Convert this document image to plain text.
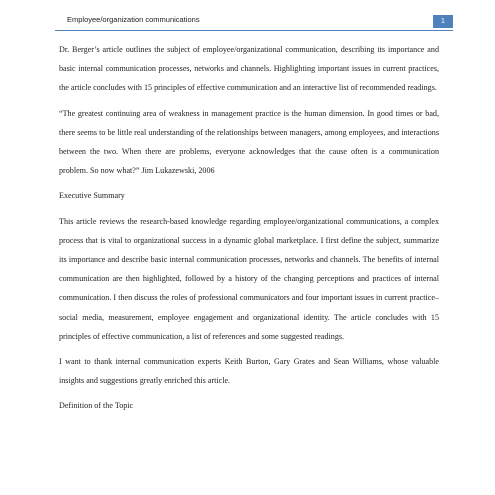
Employee/organization communications	1

Dr. Berger’s article outlines the subject of employee/organizational communication, describing its importance and basic internal communication processes, networks and channels. Highlighting important issues in current practices, the article concludes with 15 principles of effective communication and an interactive list of recommended readings.

“The greatest continuing area of weakness in management practice is the human dimension. In good times or bad, there seems to be little real understanding of the relationships between managers, among employees, and interactions between the two. When there are problems, everyone acknowledges that the cause often is a communication problem. So now what?” Jim Lukazewski, 2006

Executive Summary

This article reviews the research-based knowledge regarding employee/organizational communications, a complex process that is vital to organizational success in a dynamic global marketplace. I first define the subject, summarize its importance and describe basic internal communication processes, networks and channels. The benefits of internal communication are then highlighted, followed by a history of the changing perceptions and practices of internal communication. I then discuss the roles of professional communicators and four important issues in current practice–social media, measurement, employee engagement and organizational identity. The article concludes with 15 principles of effective communication, a list of references and some suggested readings.

I want to thank internal communication experts Keith Burton, Gary Grates and Sean Williams, whose valuable insights and suggestions greatly enriched this article.

Definition of the Topic
